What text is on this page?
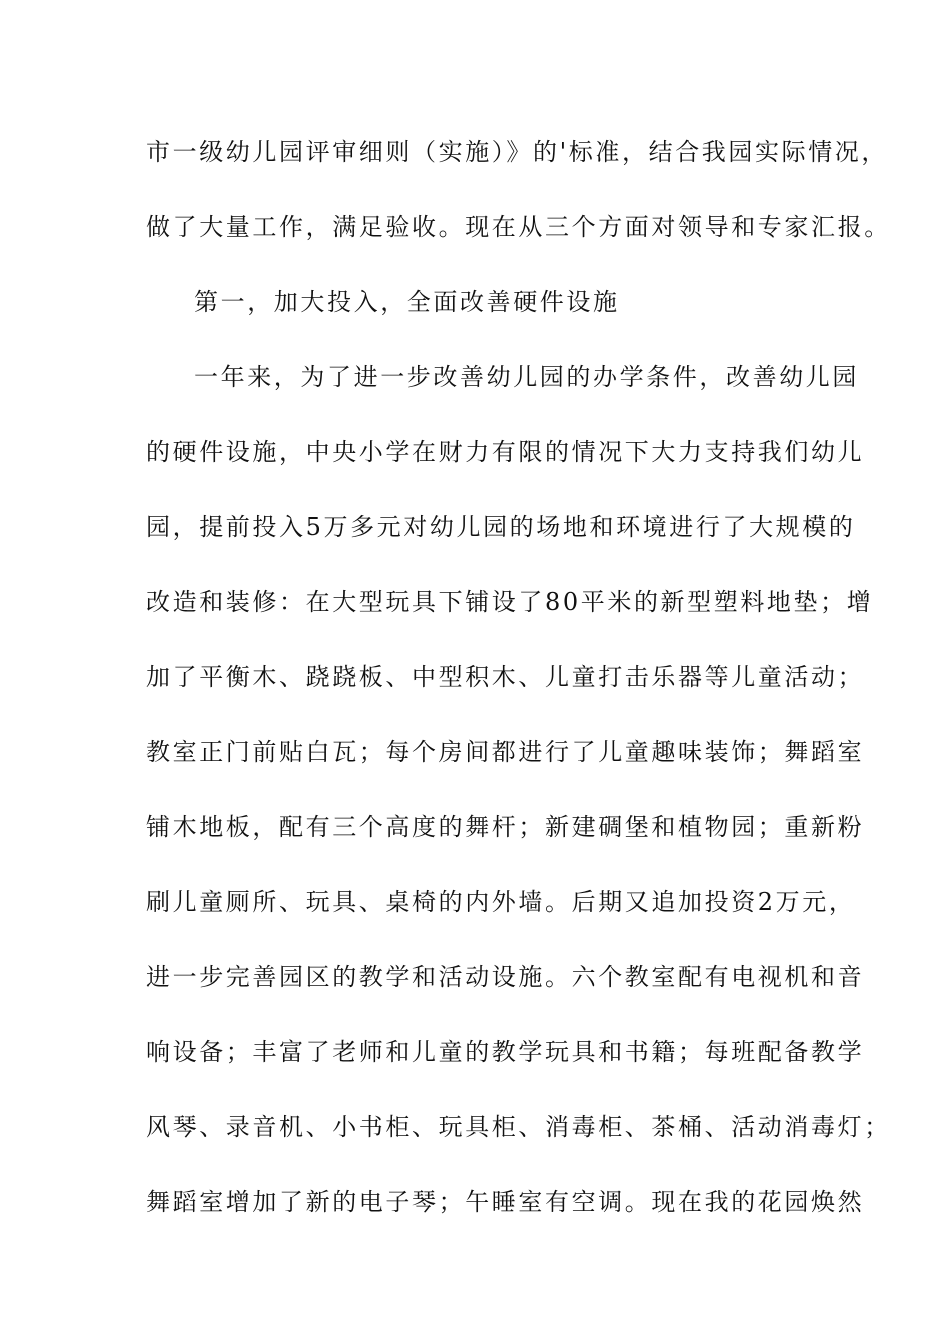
市一级幼儿园评审细则（实施）》的'标准，结合我园实际情况，
做了大量工作，满足验收。现在从三个方面对领导和专家汇报。
第一，加大投入，全面改善硬件设施
一年来，为了进一步改善幼儿园的办学条件，改善幼儿园
的硬件设施，中央小学在财力有限的情况下大力支持我们幼儿
园，提前投入5万多元对幼儿园的场地和环境进行了大规模的
改造和装修：在大型玩具下铺设了80平米的新型塑料地垫；增
加了平衡木、跷跷板、中型积木、儿童打击乐器等儿童活动；
教室正门前贴白瓦；每个房间都进行了儿童趣味装饰；舞蹈室
铺木地板，配有三个高度的舞杆；新建碉堡和植物园；重新粉
刷儿童厕所、玩具、桌椅的内外墙。后期又追加投资2万元，
进一步完善园区的教学和活动设施。六个教室配有电视机和音
响设备；丰富了老师和儿童的教学玩具和书籍；每班配备教学
风琴、录音机、小书柜、玩具柜、消毒柜、茶桶、活动消毒灯；
舞蹈室增加了新的电子琴；午睡室有空调。现在我的花园焕然
